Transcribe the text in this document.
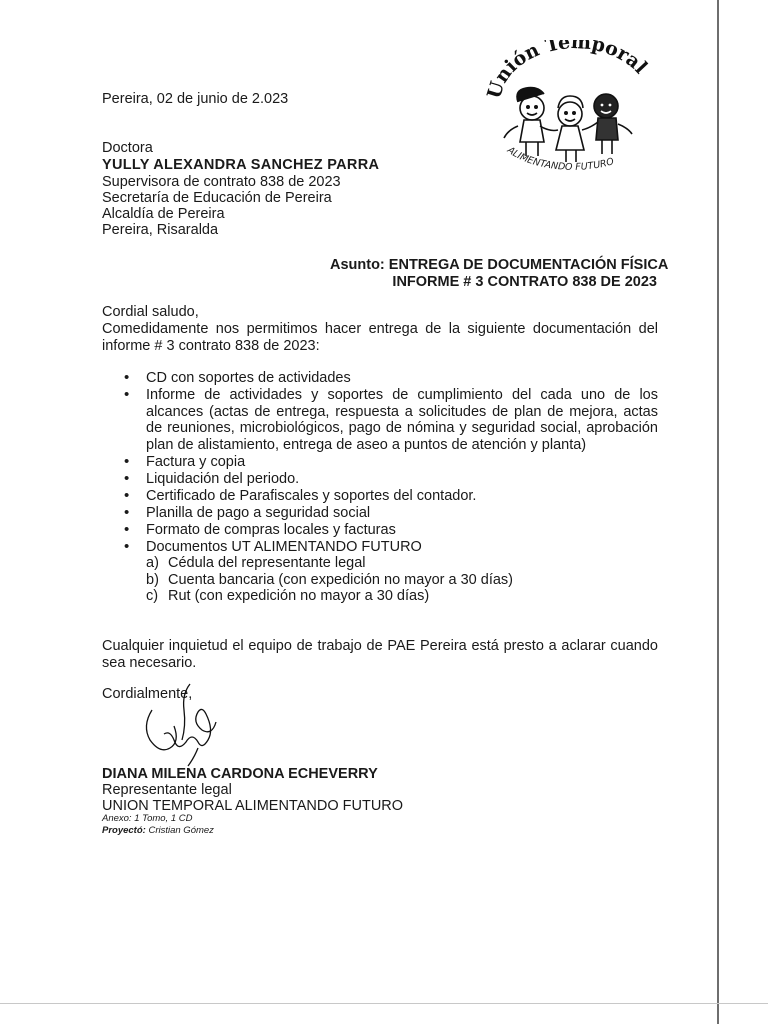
Pereira, 02 de junio de 2.023	Unión Temporal
ALIMENTANDO FUTURO
Doctora
YULLY ALEXANDRA SANCHEZ PARRA
Supervisora de contrato 838 de 2023
Secretaría de Educación de Pereira
Alcaldía de Pereira
Pereira, Risaralda
Asunto: ENTREGA DE DOCUMENTACIÓN FÍSICA
INFORME # 3 CONTRATO 838 DE 2023
Cordial saludo,
Comedidamente nos permitimos hacer entrega de la siguiente documentación del informe # 3 contrato 838 de 2023:
• CD con soportes de actividades
• Informe de actividades y soportes de cumplimiento del cada uno de los alcances (actas de entrega, respuesta a solicitudes de plan de mejora, actas de reuniones, microbiológicos, pago de nómina y seguridad social, aprobación plan de alistamiento, entrega de aseo a puntos de atención y planta)
• Factura y copia
• Liquidación del periodo.
• Certificado de Parafiscales y soportes del contador.
• Planilla de pago a seguridad social
• Formato de compras locales y facturas
• Documentos UT ALIMENTANDO FUTURO
a) Cédula del representante legal
b) Cuenta bancaria (con expedición no mayor a 30 días)
c) Rut (con expedición no mayor a 30 días)
Cualquier inquietud el equipo de trabajo de PAE Pereira está presto a aclarar cuando sea necesario.
Cordialmente,
DIANA MILENA CARDONA ECHEVERRY
Representante legal
UNION TEMPORAL ALIMENTANDO FUTURO
Anexo: 1 Tomo, 1 CD
Proyectó: Cristian Gómez
